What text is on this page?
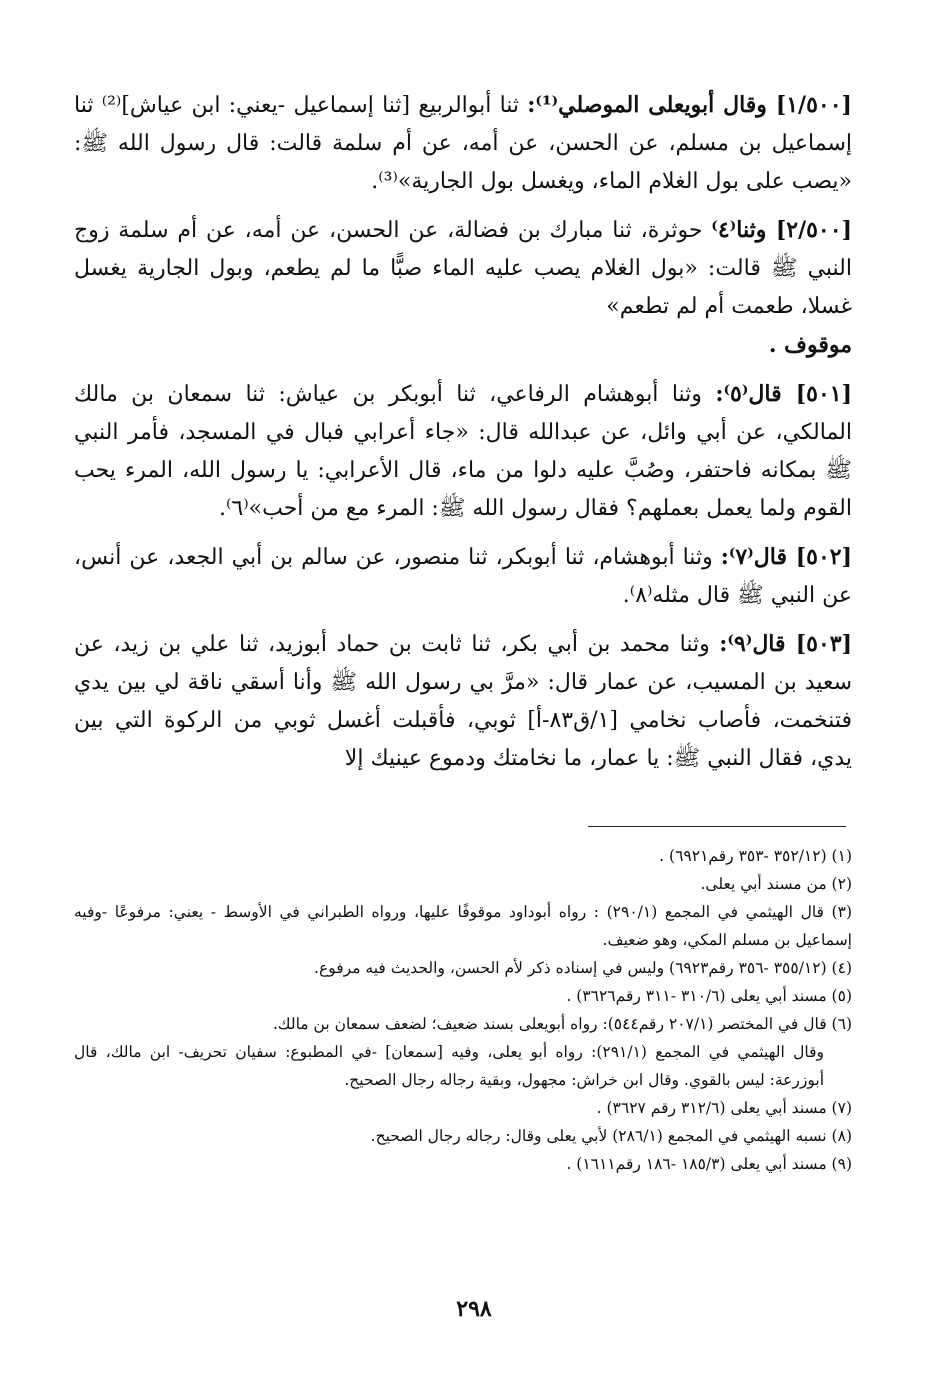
[١/٥٠٠] وقال أبويعلى الموصلي⁽¹⁾: ثنا أبوالربيع [ثنا إسماعيل -يعني: ابن عياش]⁽²⁾ ثنا إسماعيل بن مسلم، عن الحسن، عن أمه، عن أم سلمة قالت: قال رسول الله ﷺ: «يصب على بول الغلام الماء، ويغسل بول الجارية»⁽³⁾.

[٢/٥٠٠] وثنا⁽٤⁾ حوثرة، ثنا مبارك بن فضالة، عن الحسن، عن أمه، عن أم سلمة زوج النبي ﷺ قالت: «بول الغلام يصب عليه الماء صبًّا ما لم يطعم، وبول الجارية يغسل غسلا، طعمت أم لم تطعم»
موقوف .

[٥٠١] قال⁽٥⁾: وثنا أبوهشام الرفاعي، ثنا أبوبكر بن عياش: ثنا سمعان بن مالك المالكي، عن أبي وائل، عن عبدالله قال: «جاء أعرابي فبال في المسجد، فأمر النبي ﷺ بمكانه فاحتفر، وصُبَّ عليه دلوا من ماء، قال الأعرابي: يا رسول الله، المرء يحب القوم ولما يعمل بعملهم؟ فقال رسول الله ﷺ: المرء مع من أحب»⁽٦⁾.

[٥٠٢] قال⁽٧⁾: وثنا أبوهشام، ثنا أبوبكر، ثنا منصور، عن سالم بن أبي الجعد، عن أنس، عن النبي ﷺ قال مثله⁽٨⁾.

[٥٠٣] قال⁽٩⁾: وثنا محمد بن أبي بكر، ثنا ثابت بن حماد أبوزيد، ثنا علي بن زيد، عن سعيد بن المسيب، عن عمار قال: «مرَّ بي رسول الله ﷺ وأنا أسقي ناقة لي بين يدي فتنخمت، فأصاب نخامي [١/ق٨٣-أ] ثوبي، فأقبلت أغسل ثوبي من الركوة التي بين يدي، فقال النبي ﷺ: يا عمار، ما نخامتك ودموع عينيك إلا

(١) (٣٥٢/١٢ -٣٥٣ رقم٦٩٢١) .

(٢) من مسند أبي يعلى.

(٣) قال الهيثمي في المجمع (٢٩٠/١) : رواه أبوداود موقوفًا عليها، ورواه الطبراني في الأوسط - يعني: مرفوعًا -وفيه إسماعيل بن مسلم المكي، وهو ضعيف.

(٤) (٣٥٥/١٢ -٣٥٦ رقم٦٩٢٣) وليس في إسناده ذكر لأم الحسن، والحديث فيه مرفوع.

(٥) مسند أبي يعلى (٣١٠/٦ -٣١١ رقم٣٦٢٦) .

(٦) قال في المختصر (٢٠٧/١ رقم٥٤٤): رواه أبويعلى بسند ضعيف؛ لضعف سمعان بن مالك.

وقال الهيثمي في المجمع (٢٩١/١): رواه أبو يعلى، وفيه [سمعان] -في المطبوع: سفيان تحريف- ابن مالك، قال أبوزرعة: ليس بالقوي. وقال ابن خراش: مجهول، وبقية رجاله رجال الصحيح.

(٧) مسند أبي يعلى (٣١٢/٦ رقم ٣٦٢٧) .

(٨) نسبه الهيثمي في المجمع (٢٨٦/١) لأبي يعلى وقال: رجاله رجال الصحيح.

(٩) مسند أبي يعلى (١٨٥/٣ -١٨٦ رقم١٦١١) .

٢٩٨
